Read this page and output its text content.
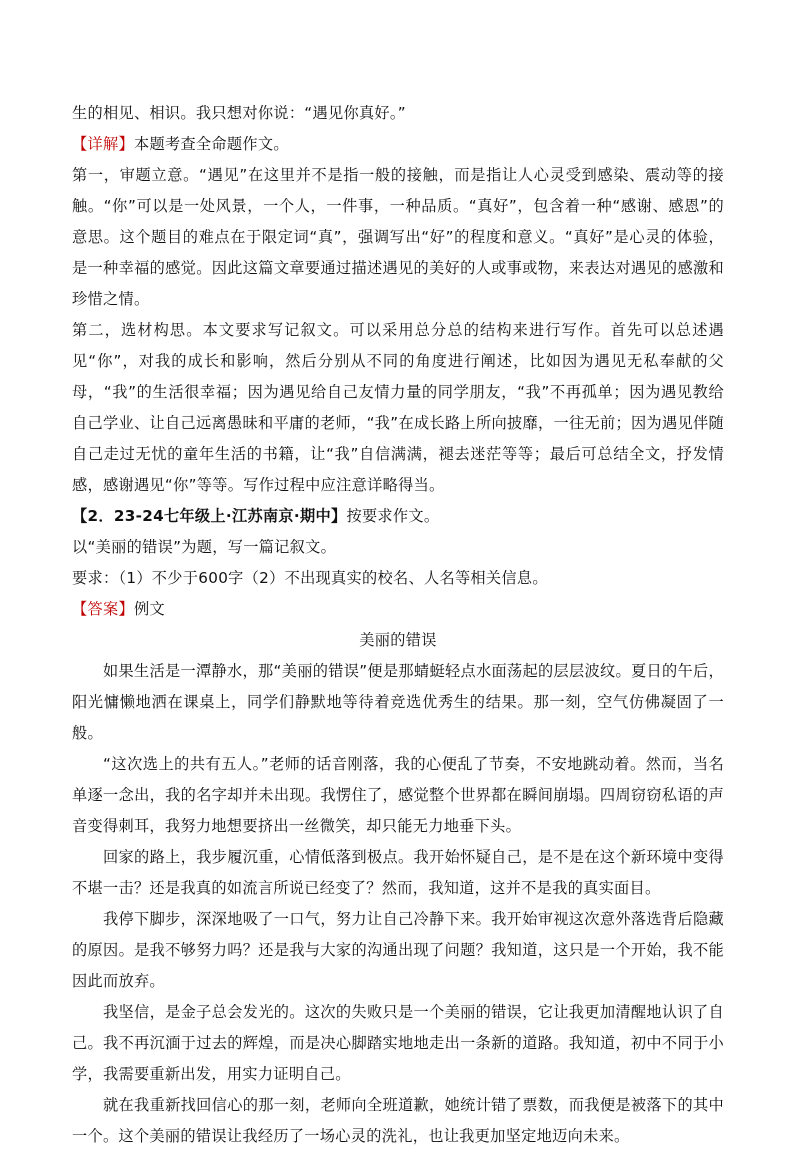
生的相见、相识。我只想对你说：“遇见你真好。”

【详解】本题考查全命题作文。

第一，审题立意。“遇见”在这里并不是指一般的接触，而是指让人心灵受到感染、震动等的接触。“你”可以是一处风景，一个人，一件事，一种品质。“真好”，包含着一种“感谢、感恩”的意思。这个题目的难点在于限定词“真”，强调写出“好”的程度和意义。“真好”是心灵的体验，是一种幸福的感觉。因此这篇文章要通过描述遇见的美好的人或事或物，来表达对遇见的感激和珍惜之情。

第二，选材构思。本文要求写记叙文。可以采用总分总的结构来进行写作。首先可以总述遇见“你”，对我的成长和影响，然后分别从不同的角度进行阐述，比如因为遇见无私奉献的父母，“我”的生活很幸福；因为遇见给自己友情力量的同学朋友，“我”不再孤单；因为遇见教给自己学业、让自己远离愚昧和平庸的老师，“我”在成长路上所向披靡，一往无前；因为遇见伴随自己走过无忧的童年生活的书籍，让“我”自信满满，褪去迷茫等等；最后可总结全文，抒发情感，感谢遇见“你”等等。写作过程中应注意详略得当。

【2．23-24七年级上·江苏南京·期中】按要求作文。

以“美丽的错误”为题，写一篇记叙文。

要求：（1）不少于600字（2）不出现真实的校名、人名等相关信息。

【答案】例文

美丽的错误

如果生活是一潭静水，那“美丽的错误”便是那蜻蜓轻点水面荡起的层层波纹。夏日的午后，阳光慵懒地洒在课桌上，同学们静默地等待着竞选优秀生的结果。那一刻，空气仿佛凝固了一般。

“这次选上的共有五人。”老师的话音刚落，我的心便乱了节奏，不安地跳动着。然而，当名单逐一念出，我的名字却并未出现。我愣住了，感觉整个世界都在瞬间崩塌。四周窃窃私语的声音变得刺耳，我努力地想要挤出一丝微笑，却只能无力地垂下头。

回家的路上，我步履沉重，心情低落到极点。我开始怀疑自己，是不是在这个新环境中变得不堪一击？还是我真的如流言所说已经变了？然而，我知道，这并不是我的真实面目。

我停下脚步，深深地吸了一口气，努力让自己冷静下来。我开始审视这次意外落选背后隐藏的原因。是我不够努力吗？还是我与大家的沟通出现了问题？我知道，这只是一个开始，我不能因此而放弃。

我坚信，是金子总会发光的。这次的失败只是一个美丽的错误，它让我更加清醒地认识了自己。我不再沉湎于过去的辉煌，而是决心脚踏实地地走出一条新的道路。我知道，初中不同于小学，我需要重新出发，用实力证明自己。

就在我重新找回信心的那一刻，老师向全班道歉，她统计错了票数，而我便是被落下的其中一个。这个美丽的错误让我经历了一场心灵的洗礼，也让我更加坚定地迈向未来。
